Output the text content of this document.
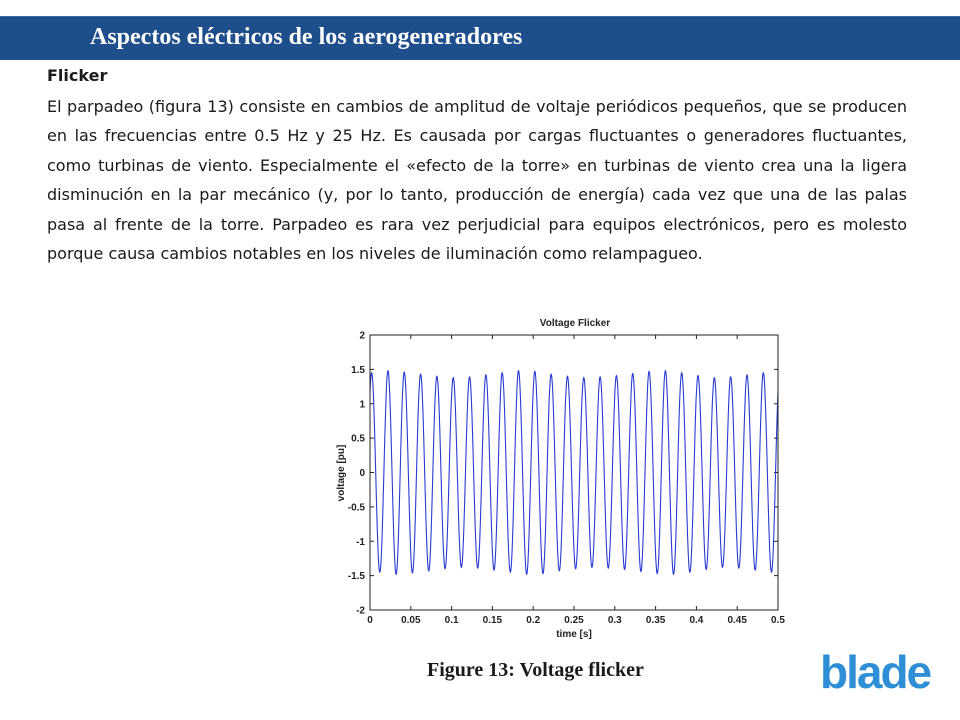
Aspectos eléctricos de los aerogeneradores
Flicker

El parpadeo (figura 13) consiste en cambios de amplitud de voltaje periódicos pequeños, que se producen en las frecuencias entre 0.5 Hz y 25 Hz. Es causada por cargas fluctuantes o generadores fluctuantes, como turbinas de viento. Especialmente el «efecto de la torre» en turbinas de viento crea una la ligera disminución en la par mecánico (y, por lo tanto, producción de energía) cada vez que una de las palas pasa al frente de la torre. Parpadeo es rara vez perjudicial para equipos electrónicos, pero es molesto porque causa cambios notables en los niveles de iluminación como relampagueo.

Voltage Flicker
-2
-1.5
-1
-0.5
0
0.5
1
1.5
2
0	0.05 0.1 0.15 0.2 0.25 0.3 0.35 0.4 0.45 0.5
voltage [pu]
time [s]
Figure 13: Voltage flicker	blade
